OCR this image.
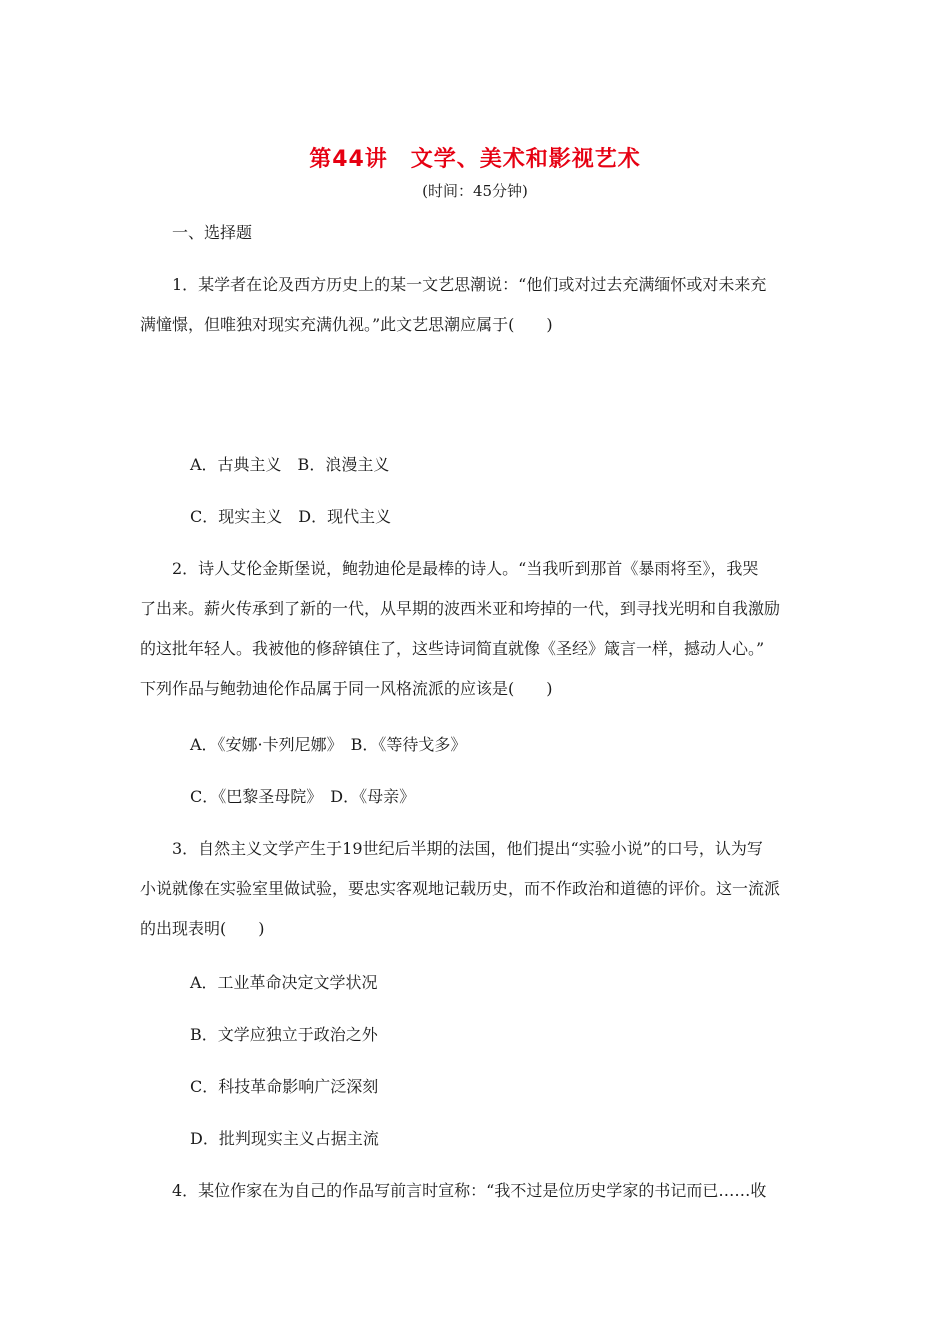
第44讲　文学、美术和影视艺术
(时间：45分钟)
一、选择题
1．某学者在论及西方历史上的某一文艺思潮说：“他们或对过去充满缅怀或对未来充
满憧憬，但唯独对现实充满仇视。”此文艺思潮应属于(　　)
A．古典主义　B．浪漫主义
C．现实主义　D．现代主义
2．诗人艾伦金斯堡说，鲍勃迪伦是最棒的诗人。“当我听到那首《暴雨将至》，我哭
了出来。薪火传承到了新的一代，从早期的波西米亚和垮掉的一代，到寻找光明和自我激励
的这批年轻人。我被他的修辞镇住了，这些诗词简直就像《圣经》箴言一样，撼动人心。”
下列作品与鲍勃迪伦作品属于同一风格流派的应该是(　　)
A．《安娜·卡列尼娜》　B．《等待戈多》
C．《巴黎圣母院》　D．《母亲》
3．自然主义文学产生于19世纪后半期的法国，他们提出“实验小说”的口号，认为写
小说就像在实验室里做试验，要忠实客观地记载历史，而不作政治和道德的评价。这一流派
的出现表明(　　)
A．工业革命决定文学状况
B．文学应独立于政治之外
C．科技革命影响广泛深刻
D．批判现实主义占据主流
4．某位作家在为自己的作品写前言时宣称：“我不过是位历史学家的书记而已……收
